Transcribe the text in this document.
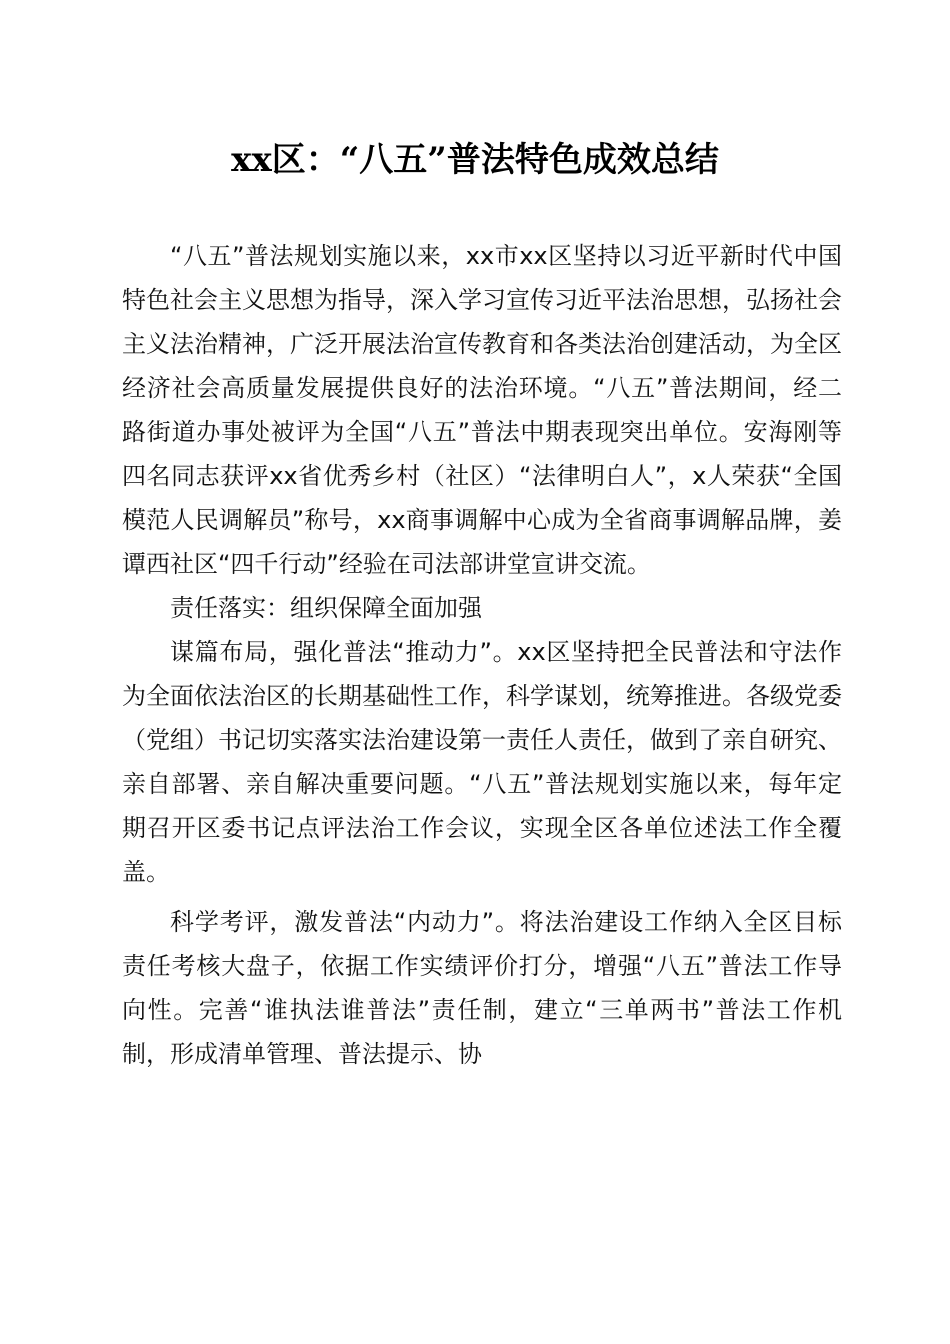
xx区：“八五”普法特色成效总结

“八五”普法规划实施以来，xx市xx区坚持以习近平新时代中国特色社会主义思想为指导，深入学习宣传习近平法治思想，弘扬社会主义法治精神，广泛开展法治宣传教育和各类法治创建活动，为全区经济社会高质量发展提供良好的法治环境。“八五”普法期间，经二路街道办事处被评为全国“八五”普法中期表现突出单位。安海刚等四名同志获评xx省优秀乡村（社区）“法律明白人”，x人荣获“全国模范人民调解员”称号，xx商事调解中心成为全省商事调解品牌，姜谭西社区“四千行动”经验在司法部讲堂宣讲交流。

责任落实：组织保障全面加强

谋篇布局，强化普法“推动力”。xx区坚持把全民普法和守法作为全面依法治区的长期基础性工作，科学谋划，统筹推进。各级党委（党组）书记切实落实法治建设第一责任人责任，做到了亲自研究、亲自部署、亲自解决重要问题。“八五”普法规划实施以来，每年定期召开区委书记点评法治工作会议，实现全区各单位述法工作全覆盖。

科学考评，激发普法“内动力”。将法治建设工作纳入全区目标责任考核大盘子，依据工作实绩评价打分，增强“八五”普法工作导向性。完善“谁执法谁普法”责任制，建立“三单两书”普法工作机制，形成清单管理、普法提示、协
